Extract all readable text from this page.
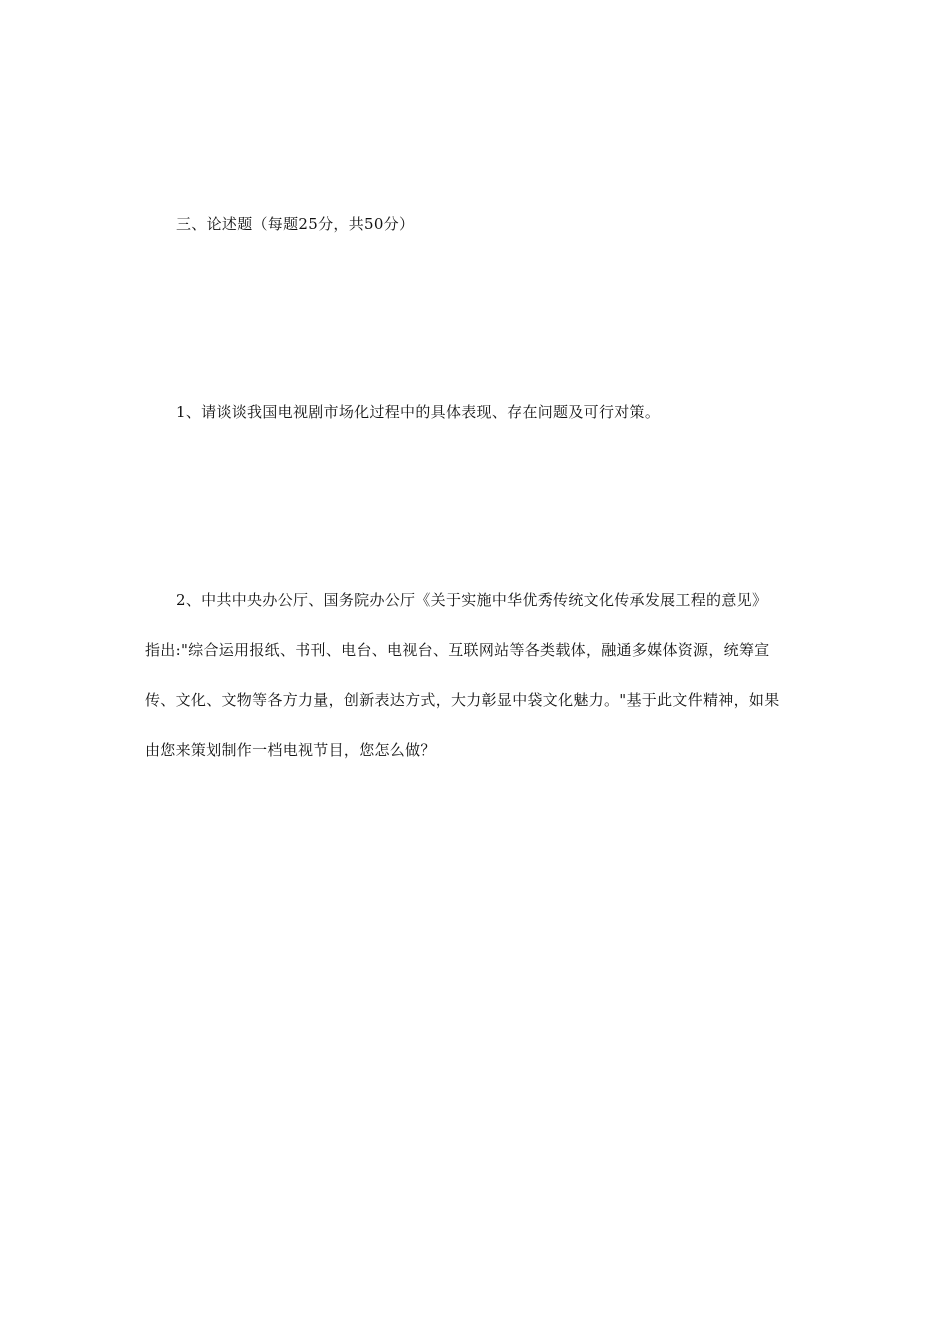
三、论述题（每题25分，共50分）
1、请谈谈我国电视剧市场化过程中的具体表现、存在问题及可行对策。
2、中共中央办公厅、国务院办公厅《关于实施中华优秀传统文化传承发展工程的意见》
指出:"综合运用报纸、书刊、电台、电视台、互联网站等各类载体，融通多媒体资源，统筹宣
传、文化、文物等各方力量，创新表达方式，大力彰显中袋文化魅力。"基于此文件精神，如果
由您来策划制作一档电视节目，您怎么做？
